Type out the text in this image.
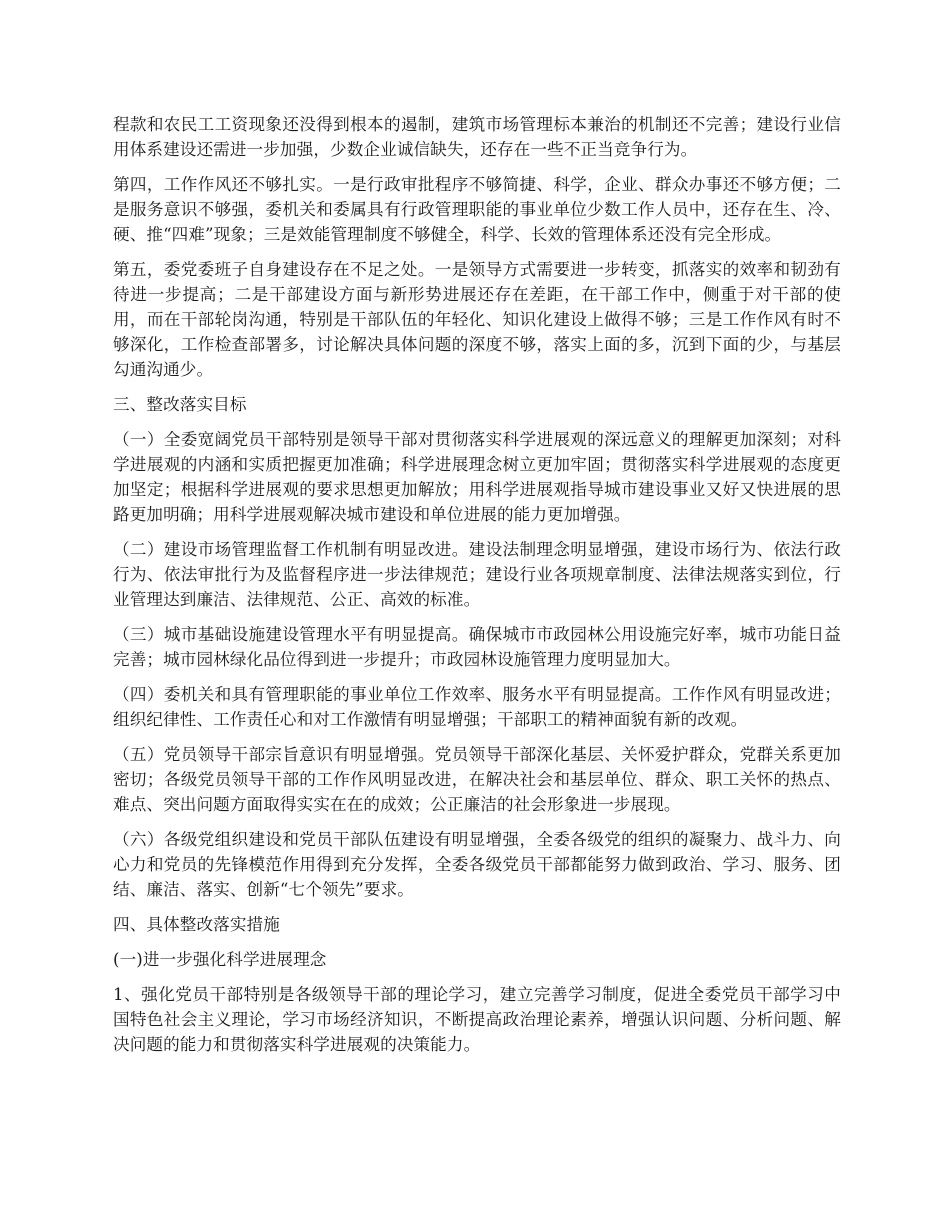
程款和农民工工资现象还没得到根本的遏制，建筑市场管理标本兼治的机制还不完善；建设行业信用体系建设还需进一步加强，少数企业诚信缺失，还存在一些不正当竞争行为。

第四，工作作风还不够扎实。一是行政审批程序不够简捷、科学，企业、群众办事还不够方便；二是服务意识不够强，委机关和委属具有行政管理职能的事业单位少数工作人员中，还存在生、冷、硬、推“四难”现象；三是效能管理制度不够健全，科学、长效的管理体系还没有完全形成。

第五，委党委班子自身建设存在不足之处。一是领导方式需要进一步转变，抓落实的效率和韧劲有待进一步提高；二是干部建设方面与新形势进展还存在差距，在干部工作中，侧重于对干部的使用，而在干部轮岗沟通，特别是干部队伍的年轻化、知识化建设上做得不够；三是工作作风有时不够深化，工作检查部署多，讨论解决具体问题的深度不够，落实上面的多，沉到下面的少，与基层勾通沟通少。

三、整改落实目标

（一）全委宽阔党员干部特别是领导干部对贯彻落实科学进展观的深远意义的理解更加深刻；对科学进展观的内涵和实质把握更加准确；科学进展理念树立更加牢固；贯彻落实科学进展观的态度更加坚定；根据科学进展观的要求思想更加解放；用科学进展观指导城市建设事业又好又快进展的思路更加明确；用科学进展观解决城市建设和单位进展的能力更加增强。

（二）建设市场管理监督工作机制有明显改进。建设法制理念明显增强，建设市场行为、依法行政行为、依法审批行为及监督程序进一步法律规范；建设行业各项规章制度、法律法规落实到位，行业管理达到廉洁、法律规范、公正、高效的标准。

（三）城市基础设施建设管理水平有明显提高。确保城市市政园林公用设施完好率，城市功能日益完善；城市园林绿化品位得到进一步提升；市政园林设施管理力度明显加大。

（四）委机关和具有管理职能的事业单位工作效率、服务水平有明显提高。工作作风有明显改进；组织纪律性、工作责任心和对工作激情有明显增强；干部职工的精神面貌有新的改观。

（五）党员领导干部宗旨意识有明显增强。党员领导干部深化基层、关怀爱护群众，党群关系更加密切；各级党员领导干部的工作作风明显改进，在解决社会和基层单位、群众、职工关怀的热点、难点、突出问题方面取得实实在在的成效；公正廉洁的社会形象进一步展现。

（六）各级党组织建设和党员干部队伍建设有明显增强，全委各级党的组织的凝聚力、战斗力、向心力和党员的先锋模范作用得到充分发挥，全委各级党员干部都能努力做到政治、学习、服务、团结、廉洁、落实、创新“七个领先”要求。

四、具体整改落实措施

(一)进一步强化科学进展理念

1、强化党员干部特别是各级领导干部的理论学习，建立完善学习制度，促进全委党员干部学习中国特色社会主义理论，学习市场经济知识，不断提高政治理论素养，增强认识问题、分析问题、解决问题的能力和贯彻落实科学进展观的决策能力。
